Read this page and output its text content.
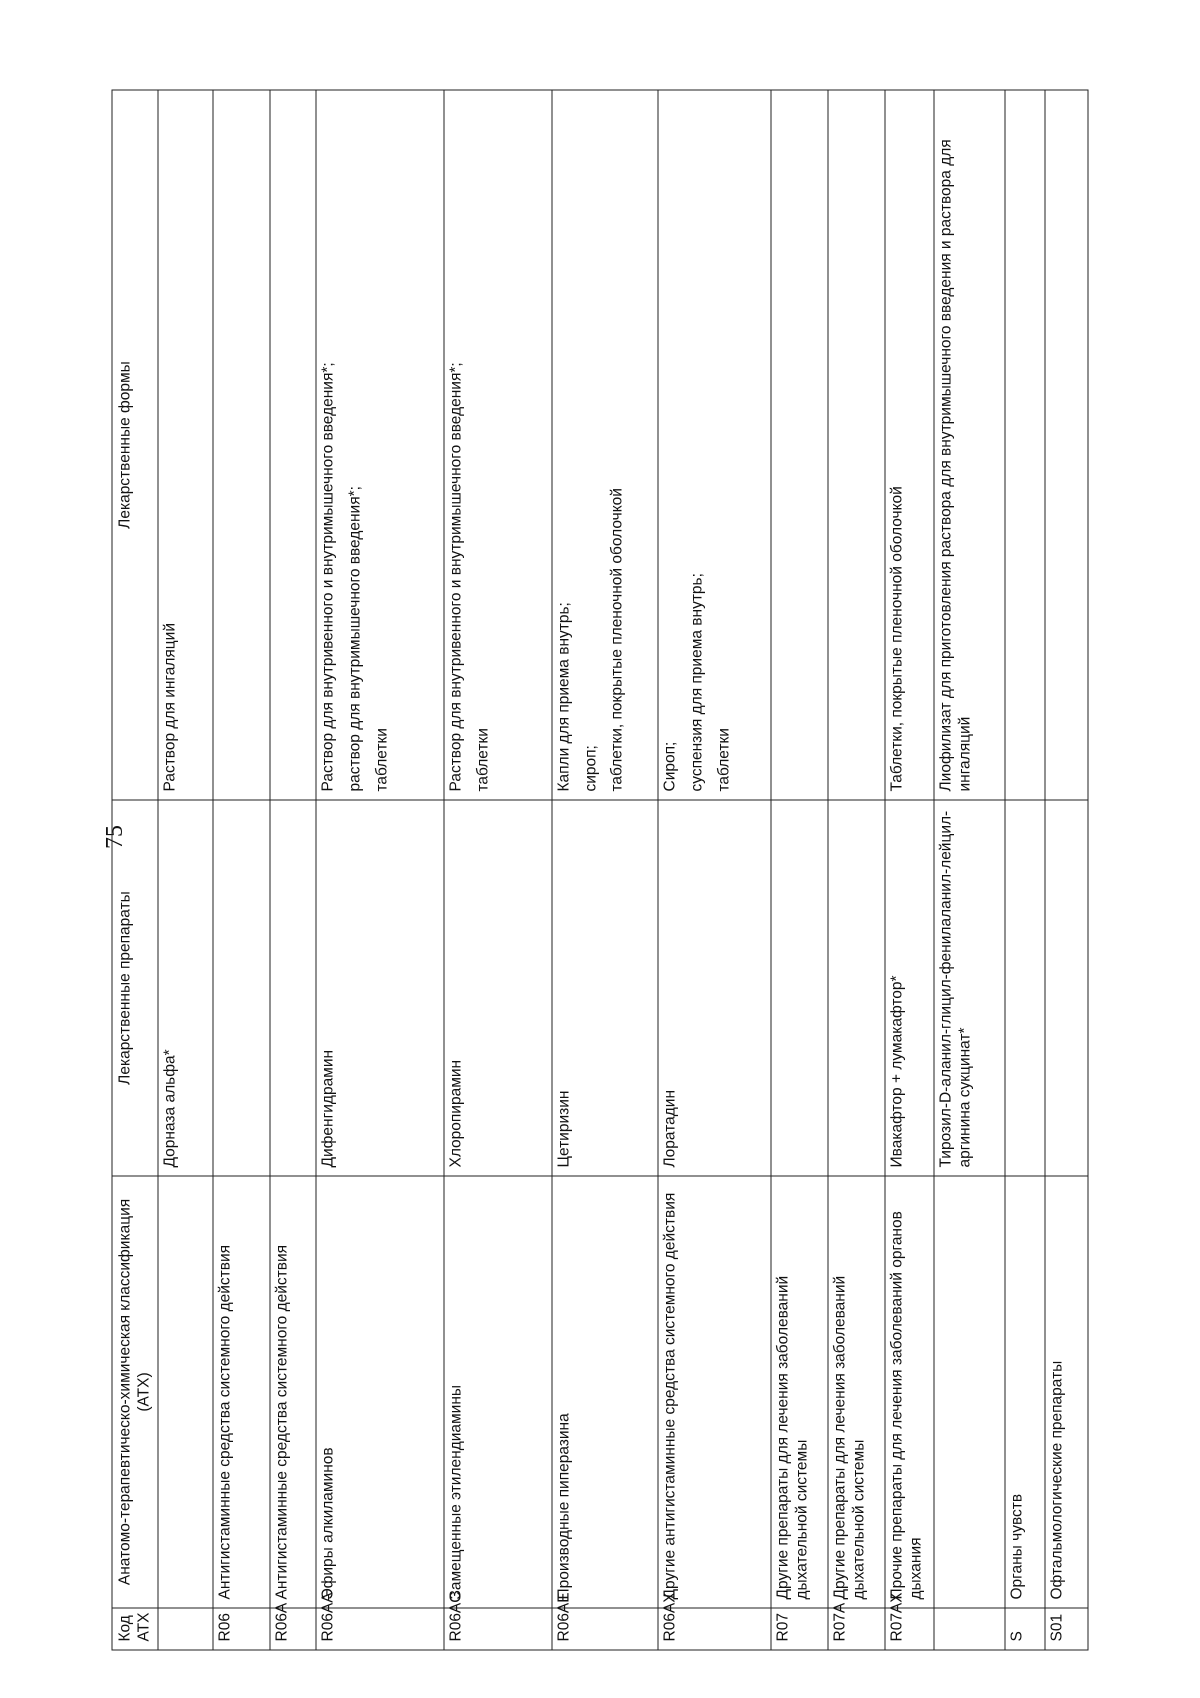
75
Код АТХ	Анатомо-терапевтическо-химическая классификация (АТХ)	Лекарственные препараты	Лекарственные формы
		Дорназа альфа*	Раствор для ингаляций

R06	Антигистаминные средства системного действия		
R06A	Антигистаминные средства системного действия		
R06AA	Эфиры алкиламинов	Дифенгидрамин	Раствор для внутривенного и внутримышечного введения*; раствор для внутримышечного введения*; таблетки

R06AC	Замещенные этилендиамины	Хлоропирамин	Раствор для внутривенного и внутримышечного введения*; таблетки

R06AE	Производные пиперазина	Цетиризин	Капли для приема внутрь; сироп; таблетки, покрытые пленочной оболочкой

R06AX	Другие антигистаминные средства системного действия	Лоратадин	Сироп; суспензия для приема внутрь; таблетки

R07	Другие препараты для лечения заболеваний дыхательной системы		
R07A	Другие препараты для лечения заболеваний дыхательной системы		
R07AX	Прочие препараты для лечения заболеваний органов дыхания	Ивакафтор + лумакафтор*	Таблетки, покрытые пленочной оболочкой

		Тирозил-D-аланил-глицил-фенилаланил-лейцил-аргинина сукцинат*	Лиофилизат для приготовления раствора для внутримышечного введения и раствора для ингаляций

S	Органы чувств		
S01	Офтальмологические препараты		
